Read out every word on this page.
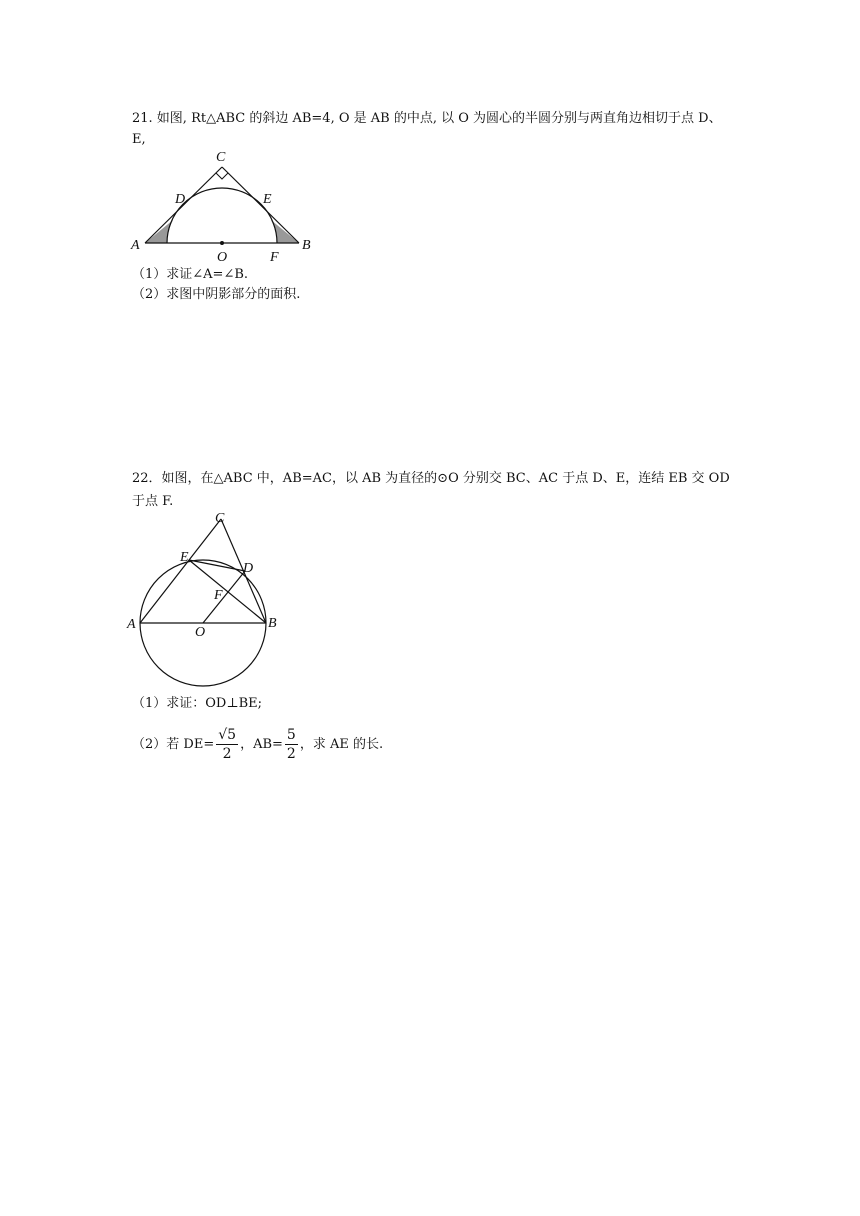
21. 如图, Rt△ABC 的斜边 AB=4, O 是 AB 的中点, 以 O 为圆心的半圆分别与两直角边相切于点 D、
E,
A	B
C
D	E
O	F
（1）求证∠A=∠B.
（2）求图中阴影部分的面积.
22．如图，在△ABC 中，AB=AC，以 AB 为直径的⊙O 分别交 BC、AC 于点 D、E，连结 EB 交 OD
于点 F.
A	B
C
D
E
F
O
（1）求证：OD⊥BE;
（2）若 $DE= \frac{√5}{2}$ ，$AB= \frac{5}{2}$ ，求 AE 的长.
